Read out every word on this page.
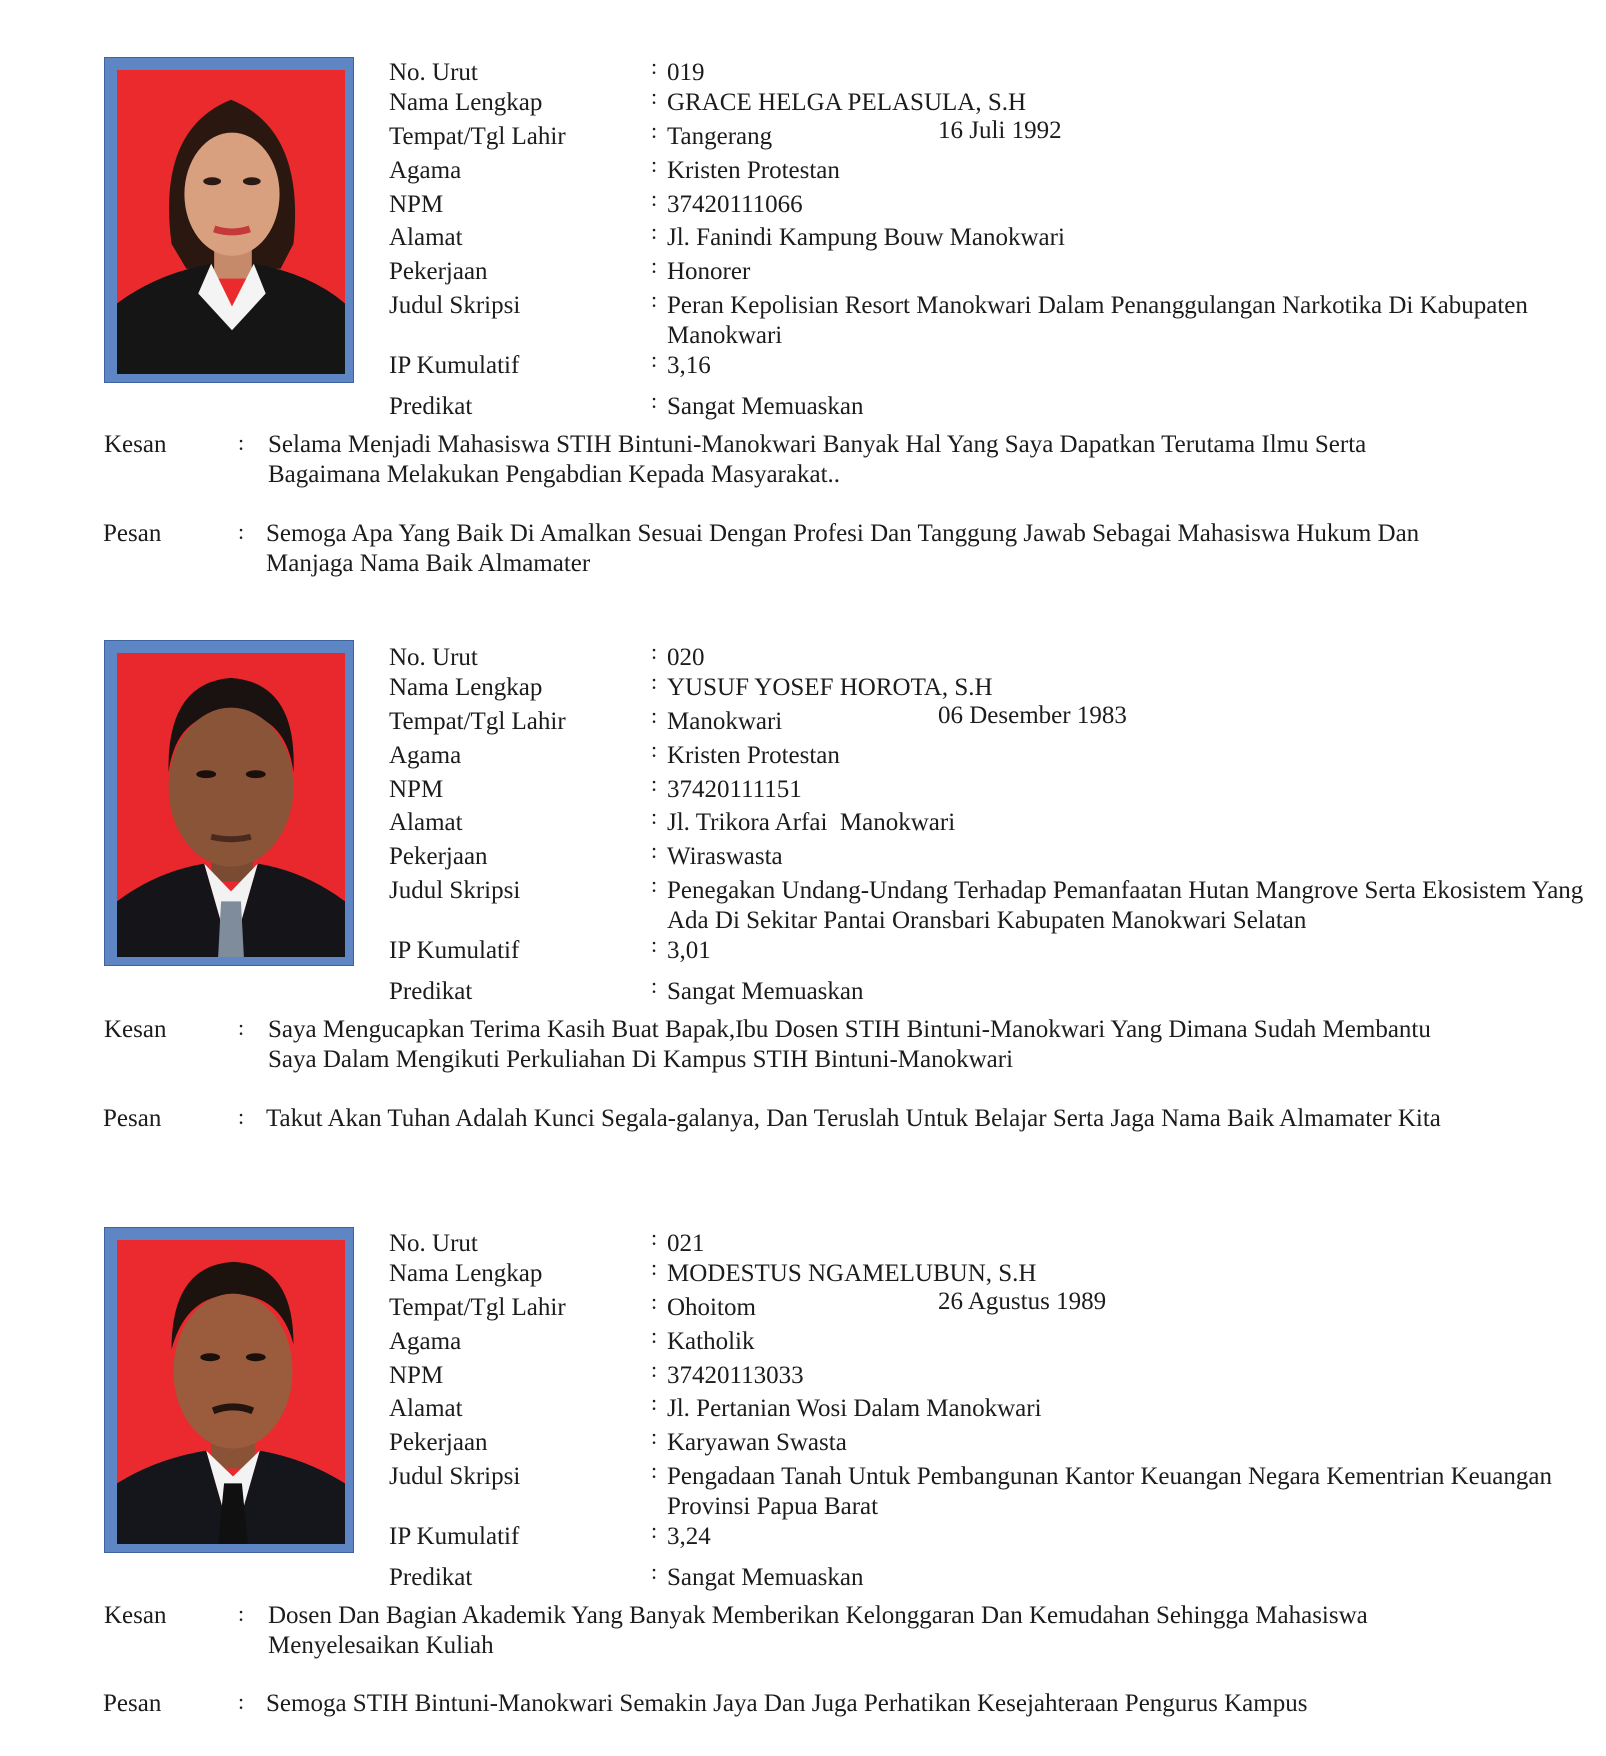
No. Urut	: 019
Nama Lengkap	: GRACE HELGA PELASULA, S.H
Tempat/Tgl Lahir	: Tangerang	16 Juli 1992
Agama	: Kristen Protestan
NPM	: 37420111066
Alamat	: Jl. Fanindi Kampung Bouw Manokwari
Pekerjaan	: Honorer
Judul Skripsi	: Peran Kepolisian Resort Manokwari Dalam Penanggulangan Narkotika Di Kabupaten Manokwari
IP Kumulatif	: 3,16
Predikat	: Sangat Memuaskan
Kesan	: Selama Menjadi Mahasiswa STIH Bintuni-Manokwari Banyak Hal Yang Saya Dapatkan Terutama Ilmu Serta Bagaimana Melakukan Pengabdian Kepada Masyarakat..
Pesan	: Semoga Apa Yang Baik Di Amalkan Sesuai Dengan Profesi Dan Tanggung Jawab Sebagai Mahasiswa Hukum Dan Manjaga Nama Baik Almamater
No. Urut	: 020
Nama Lengkap	: YUSUF YOSEF HOROTA, S.H
Tempat/Tgl Lahir	: Manokwari	06 Desember 1983
Agama	: Kristen Protestan
NPM	: 37420111151
Alamat	: Jl. Trikora Arfai  Manokwari
Pekerjaan	: Wiraswasta
Judul Skripsi	: Penegakan Undang-Undang Terhadap Pemanfaatan Hutan Mangrove Serta Ekosistem Yang Ada Di Sekitar Pantai Oransbari Kabupaten Manokwari Selatan
IP Kumulatif	: 3,01
Predikat	: Sangat Memuaskan
Kesan	: Saya Mengucapkan Terima Kasih Buat Bapak,Ibu Dosen STIH Bintuni-Manokwari Yang Dimana Sudah Membantu Saya Dalam Mengikuti Perkuliahan Di Kampus STIH Bintuni-Manokwari
Pesan	: Takut Akan Tuhan Adalah Kunci Segala-galanya, Dan Teruslah Untuk Belajar Serta Jaga Nama Baik Almamater Kita
No. Urut	: 021
Nama Lengkap	: MODESTUS NGAMELUBUN, S.H
Tempat/Tgl Lahir	: Ohoitom	26 Agustus 1989
Agama	: Katholik
NPM	: 37420113033
Alamat	: Jl. Pertanian Wosi Dalam Manokwari
Pekerjaan	: Karyawan Swasta
Judul Skripsi	: Pengadaan Tanah Untuk Pembangunan Kantor Keuangan Negara Kementrian Keuangan Provinsi Papua Barat
IP Kumulatif	: 3,24
Predikat	: Sangat Memuaskan
Kesan	: Dosen Dan Bagian Akademik Yang Banyak Memberikan Kelonggaran Dan Kemudahan Sehingga Mahasiswa Menyelesaikan Kuliah
Pesan	: Semoga STIH Bintuni-Manokwari Semakin Jaya Dan Juga Perhatikan Kesejahteraan Pengurus Kampus
